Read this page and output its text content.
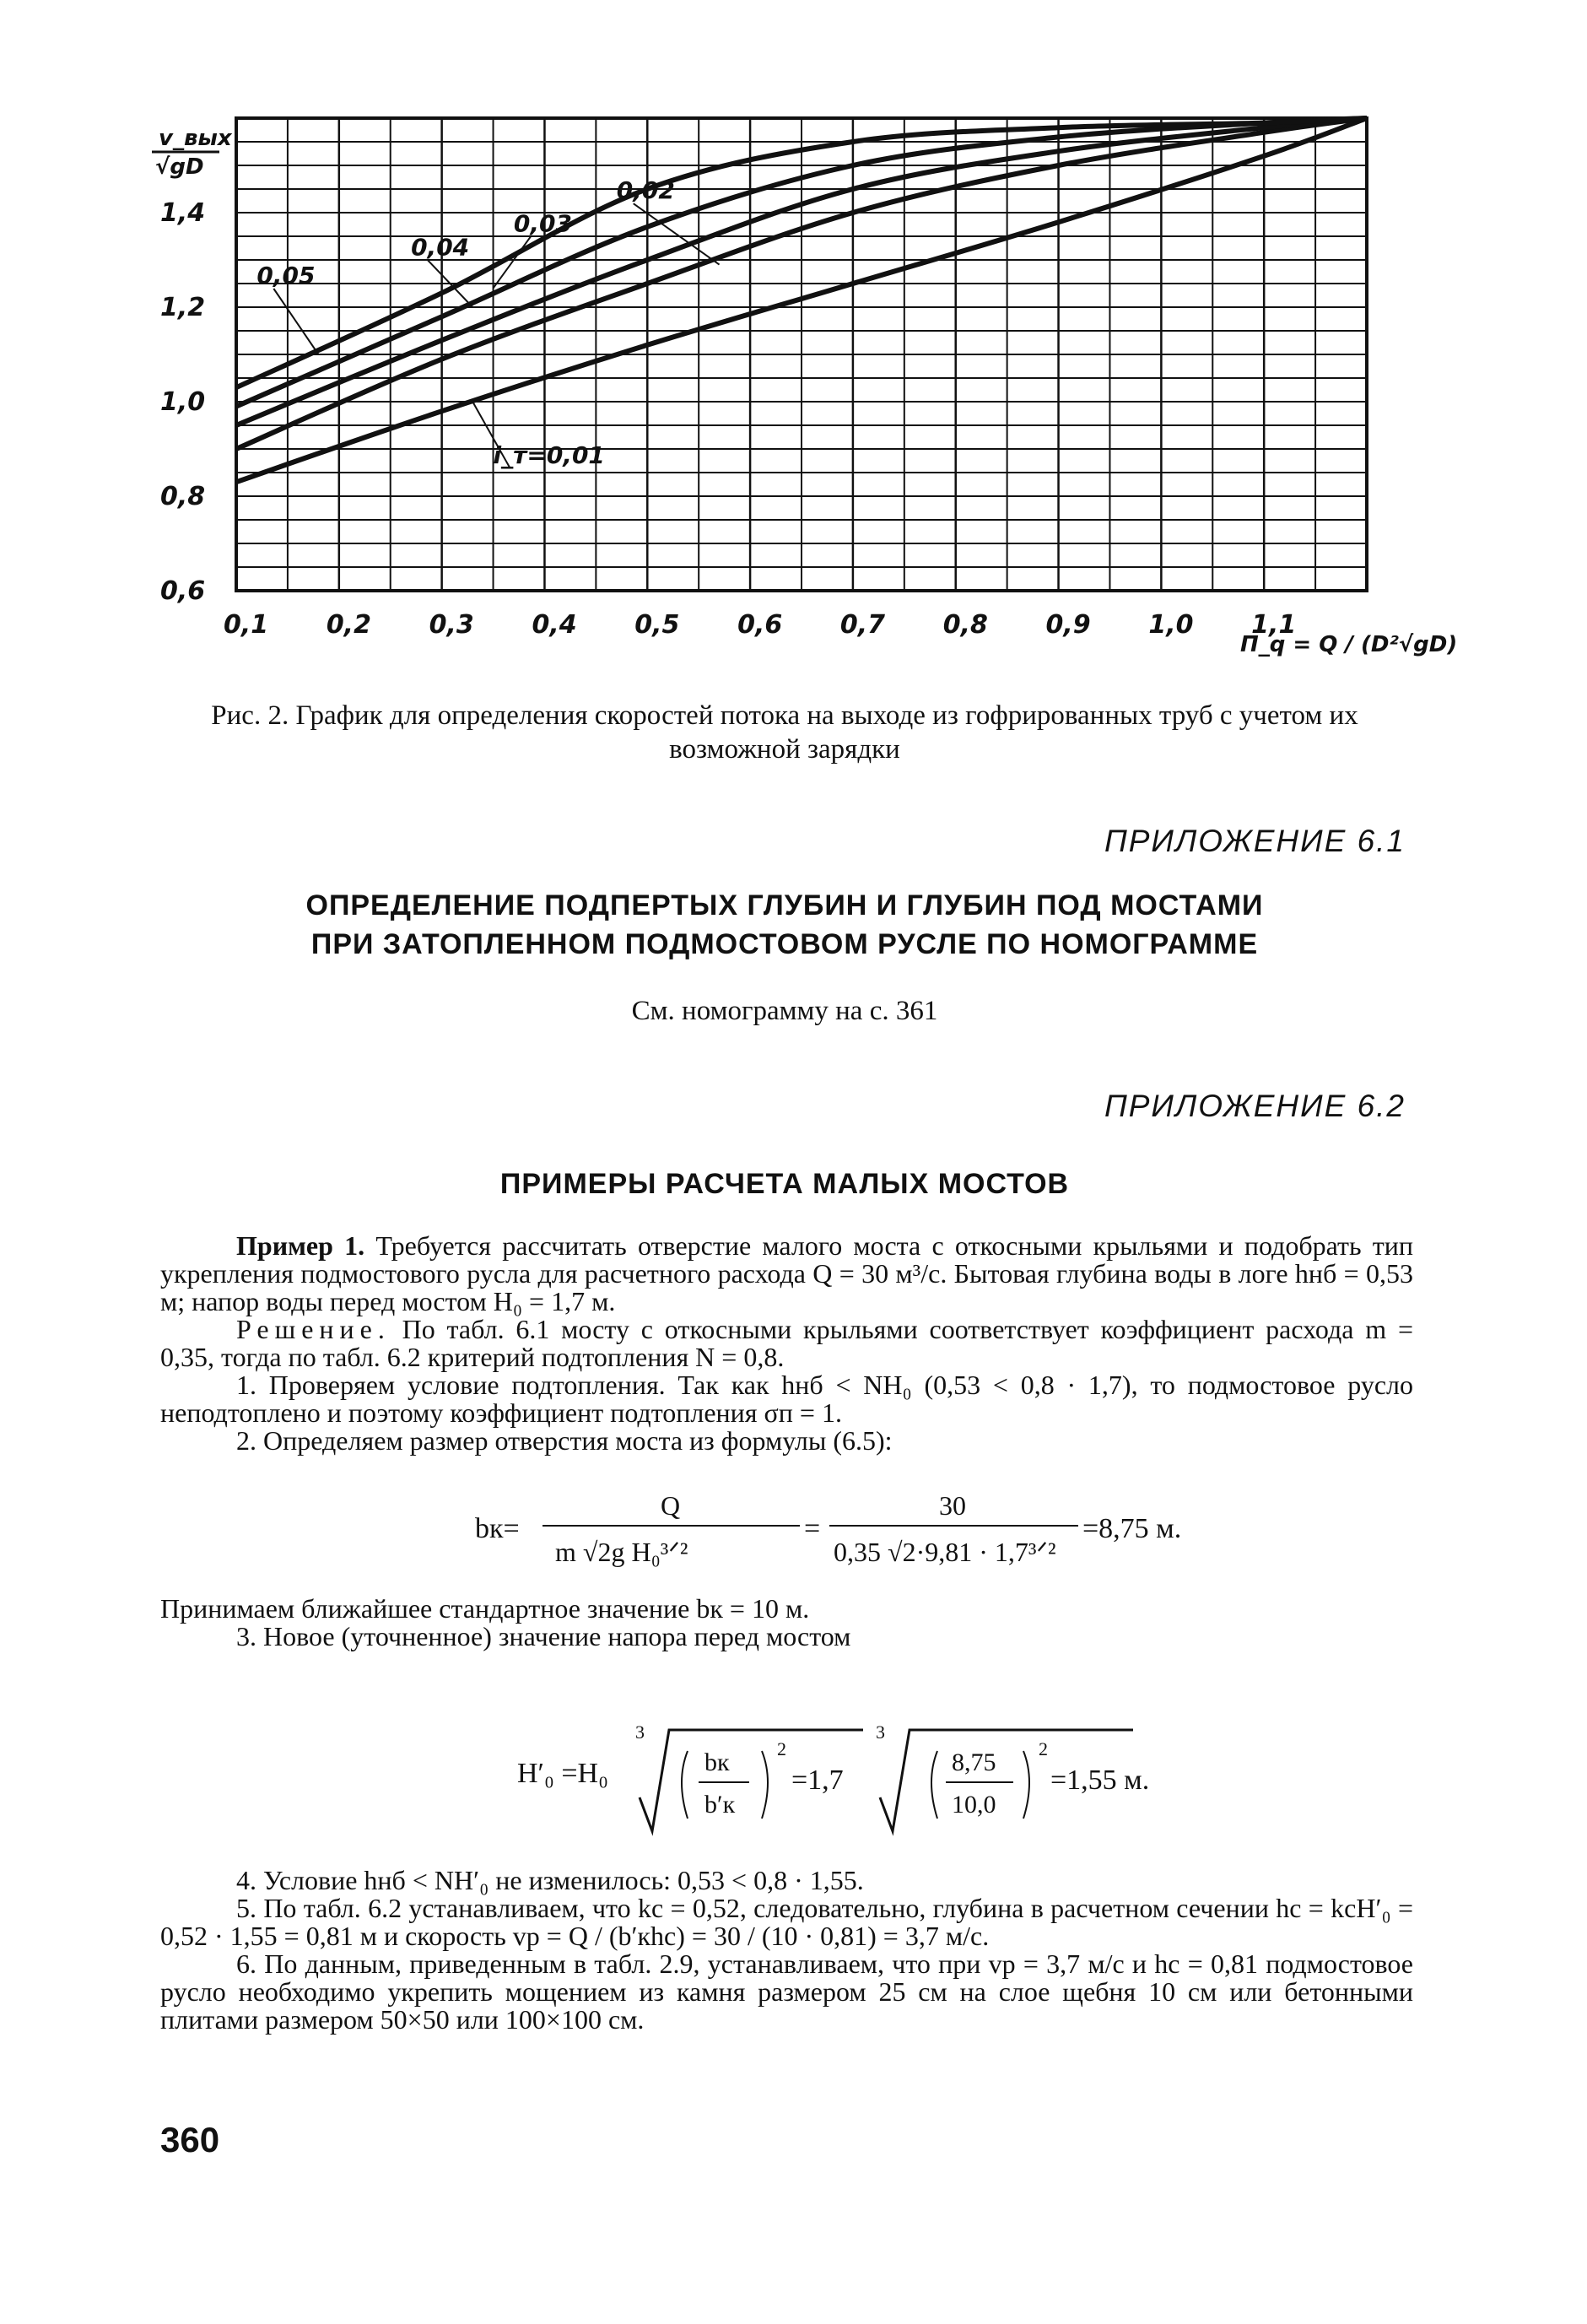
0,6
0,8
1,0
1,2
1,4
0,1 0,2 0,3 0,4 0,5 0,6 0,7 0,8 0,9 1,0 1,1
i_т=0,01
0,02
0,03
0,04
0,05
v_вых
√gD
Π_q = Q / (D²√gD)
Рис. 2. График для определения скоростей потока на выходе из гофрированных труб с учетом их возможной зарядки
ПРИЛОЖЕНИЕ 6.1
ОПРЕДЕЛЕНИЕ ПОДПЕРТЫХ ГЛУБИН И ГЛУБИН ПОД МОСТАМИ
ПРИ ЗАТОПЛЕННОМ ПОДМОСТОВОМ РУСЛЕ ПО НОМОГРАММЕ
См. номограмму на с. 361
ПРИЛОЖЕНИЕ 6.2
ПРИМЕРЫ РАСЧЕТА МАЛЫХ МОСТОВ

Пример 1. Требуется рассчитать отверстие малого моста с откосными крыльями и подобрать тип укрепления подмостового русла для расчетного расхода Q = 30 м³/с. Бытовая глубина воды в логе hнб = 0,53 м; напор воды перед мостом H₀ = 1,7 м.

Решение. По табл. 6.1 мосту с откосными крыльями соответствует коэффициент расхода m = 0,35, тогда по табл. 6.2 критерий подтопления N = 0,8.

1. Проверяем условие подтопления. Так как hнб < NH₀ (0,53 < 0,8 · 1,7), то подмостовое русло неподтоплено и поэтому коэффициент подтопления σп = 1.

2. Определяем размер отверстия моста из формулы (6.5):

bк=
Q
m √2g H₀³ᐟ²
=
30
0,35 √2·9,81 · 1,7³ᐟ²
=8,75 м.

Принимаем ближайшее стандартное значение bк = 10 м.

3. Новое (уточненное) значение напора перед мостом

H′₀ =H₀
3
bк
b′к
2
=1,7
3
8,75
10,0
2
=1,55 м.

4. Условие hнб < NH′₀ не изменилось: 0,53 < 0,8 · 1,55.

5. По табл. 6.2 устанавливаем, что kс = 0,52, следовательно, глубина в расчетном сечении hс = kсH′₀ = 0,52 · 1,55 = 0,81 м и скорость vр = Q / (b′кhс) = 30 / (10 · 0,81) = 3,7 м/с.

6. По данным, приведенным в табл. 2.9, устанавливаем, что при vр = 3,7 м/с и hс = 0,81 подмостовое русло необходимо укрепить мощением из камня размером 25 см на слое щебня 10 см или бетонными плитами размером 50×50 или 100×100 см.

360
